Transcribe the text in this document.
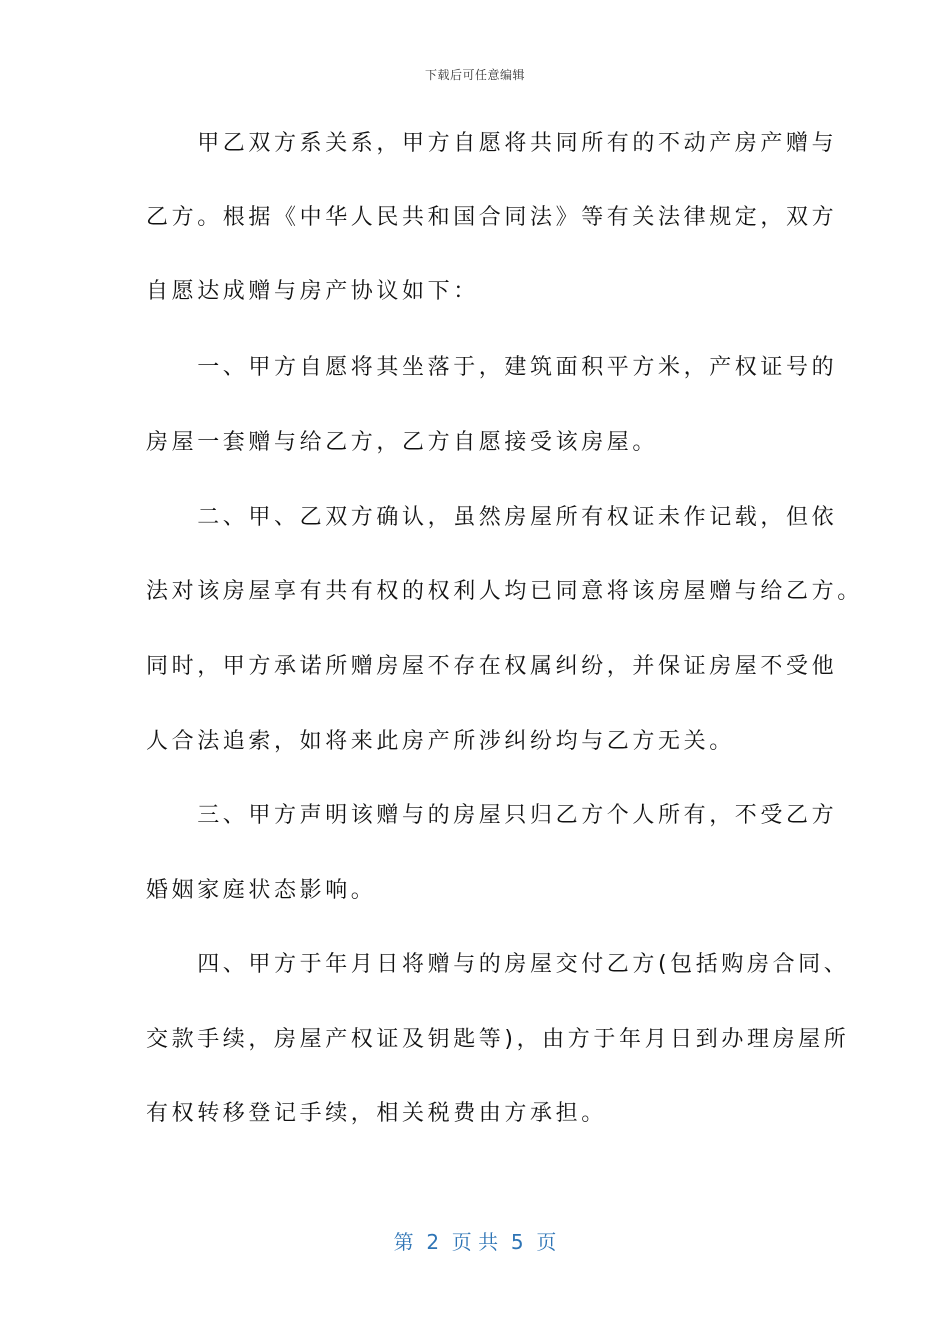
下载后可任意编辑
　　甲乙双方系关系，甲方自愿将共同所有的不动产房产赠与
乙方。根据《中华人民共和国合同法》等有关法律规定，双方
自愿达成赠与房产协议如下：
　　一、甲方自愿将其坐落于，建筑面积平方米，产权证号的
房屋一套赠与给乙方，乙方自愿接受该房屋。
　　二、甲、乙双方确认，虽然房屋所有权证未作记载，但依
法对该房屋享有共有权的权利人均已同意将该房屋赠与给乙方。
同时，甲方承诺所赠房屋不存在权属纠纷，并保证房屋不受他
人合法追索，如将来此房产所涉纠纷均与乙方无关。
　　三、甲方声明该赠与的房屋只归乙方个人所有，不受乙方
婚姻家庭状态影响。
　　四、甲方于年月日将赠与的房屋交付乙方(包括购房合同、
交款手续，房屋产权证及钥匙等)，由方于年月日到办理房屋所
有权转移登记手续，相关税费由方承担。
第  2  页 共  5  页
